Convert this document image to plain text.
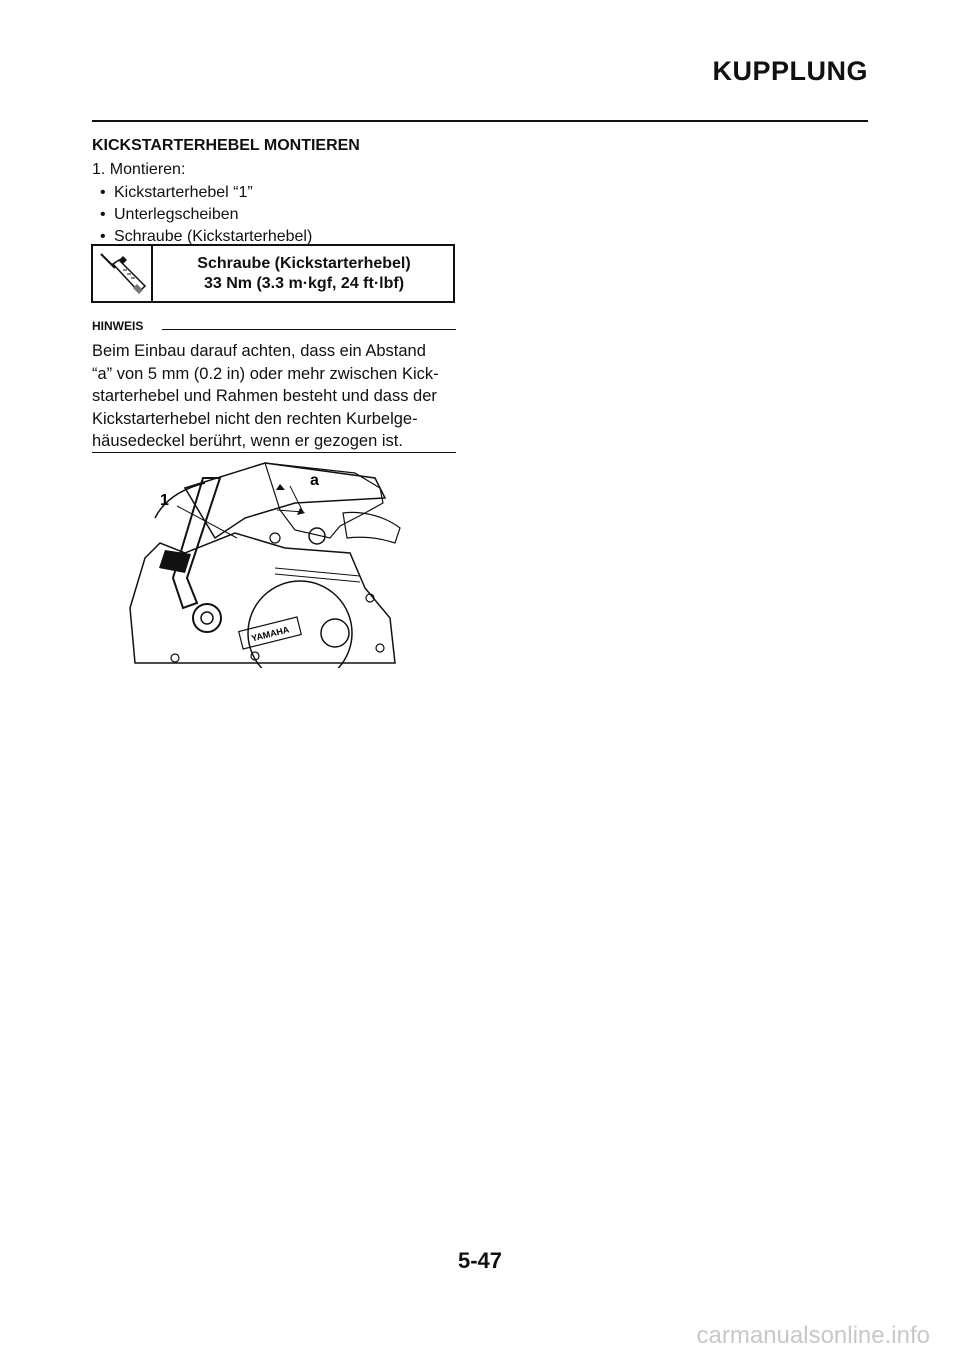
KUPPLUNG
KICKSTARTERHEBEL MONTIEREN
1. Montieren:
• Kickstarterhebel “1”
• Unterlegscheiben
• Schraube (Kickstarterhebel)
Schraube (Kickstarterhebel)
33 Nm (3.3 m·kgf, 24 ft·lbf)
HINWEIS
Beim Einbau darauf achten, dass ein Abstand
“a” von 5 mm (0.2 in) oder mehr zwischen Kick-
starterhebel und Rahmen besteht und dass der
Kickstarterhebel nicht den rechten Kurbelge-
häusedeckel berührt, wenn er gezogen ist.
YAMAHA
1
a
5-47
carmanualsonline.info
